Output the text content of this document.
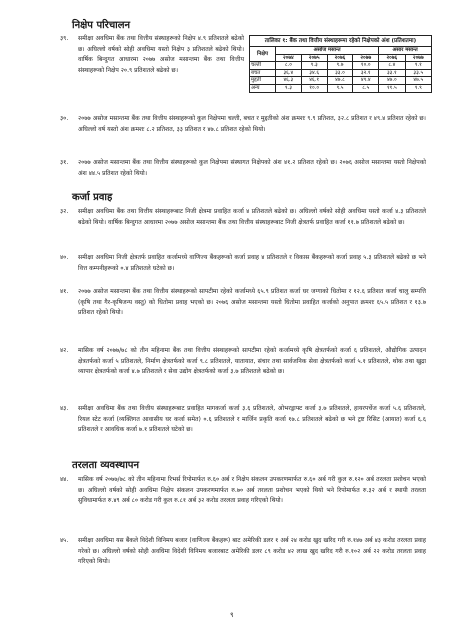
निक्षेप परिचालन
३९. समीक्षा अवधिमा बैंक तथा वित्तीय संस्थाहरूको निक्षेप ४.९ प्रतिशतले बढेको छ। अघिल्लो वर्षको सोही अवधिमा यस्तो निक्षेप ३ प्रतिशतले बढेको थियो। वार्षिक बिन्दुगत आधारमा २०७७ असोज मसान्तमा बैंक तथा वित्तीय संस्थाहरूको निक्षेप २०.९ प्रतिशतले बढेको छ।
तालिका १: बैंक तथा वित्तीय संस्थाहरूमा रहेको निक्षेपको अंश (प्रतिशतमा)
निक्षेप	असोज मसान्त				असार मसान्त	
	२०७४	२०७५	२०७६	२०७७	२०७६	२०७७
चल्ती	८.०	९.३	९.७	१०.०	८.४	९.१
बचत	३६.४	३४.६	३३.०	३२.१	३३.१	३३.५
मुद्दती	४६.३	४६.१	४७.८	४९.४	४७.०	४७.५
अन्य	९.३	१०.०	९.५	८.५	११.५	९.९
३०. २०७७ असोज मसान्तमा बैंक तथा वित्तीय संस्थाहरूको कुल निक्षेपमा चल्ती, बचत र मुद्दतीको अंश क्रमशः ९.९ प्रतिशत, ३२.८ प्रतिशत र ४९.४ प्रतिशत रहेको छ। अघिल्लो वर्ष यस्तो अंश क्रमशः ८.२ प्रतिशत, ३३ प्रतिशत र ४७.८ प्रतिशत रहेको थियो।
३१. २०७७ असोज मसान्तमा बैंक तथा वित्तीय संस्थाहरूको कुल निक्षेपमा संस्थागत निक्षेपको अंश ४१.२ प्रतिशत रहेको छ। २०७६ असोज मसान्तमा यस्तो निक्षेपको अंश ४४.५ प्रतिशत रहेको थियो।
कर्जा प्रवाह
३२. समीक्षा अवधिमा बैंक तथा वित्तीय संस्थाहरूबाट निजी क्षेत्रमा प्रवाहित कर्जा ४ प्रतिशतले बढेको छ। अघिल्लो वर्षको सोही अवधिमा यस्तो कर्जा ४.३ प्रतिशतले बढेको थियो। वार्षिक बिन्दुगत आधारमा २०७७ असोज मसान्तमा बैंक तथा वित्तीय संस्थाहरूबाट निजी क्षेत्रतर्फ प्रवाहित कर्जा ११.७ प्रतिशतले बढेको छ।
४०. समीक्षा अवधिमा निजी क्षेत्रतर्फ प्रवाहित कर्जामध्ये वाणिज्य बैंकहरूको कर्जा प्रवाह ४ प्रतिशतले र विकास बैंकहरूको कर्जा प्रवाह ५.३ प्रतिशतले बढेको छ भने वित्त कम्पनीहरूको ०.४ प्रतिशतले घटेको छ।
४१. २०७७ असोज मसान्तमा बैंक तथा वित्तीय संस्थाहरूको सापटीमा रहेको कर्जामध्ये ६५.९ प्रतिशत कर्जा घर जग्गाको धितोमा र १२.६ प्रतिशत कर्जा चालु सम्पत्ति (कृषि तथा गैर-कृषिजन्य वस्तु) को धितोमा प्रवाह भएको छ। २०७६ असोज मसान्तमा यस्तो धितोमा प्रवाहित कर्जाको अनुपात क्रमशः ६५.५ प्रतिशत र १३.७ प्रतिशत रहेको थियो।
४२. मासिक वर्ष २०७७/७८ को तीन महिनामा बैंक तथा वित्तीय संस्थाहरूको सापटीमा रहेको कर्जामध्ये कृषि क्षेत्रतर्फको कर्जा ६ प्रतिशतले, औद्योगिक उत्पादन क्षेत्रतर्फको कर्जा ५ प्रतिशतले, निर्माण क्षेत्रतर्फको कर्जा ९.८ प्रतिशतले, यातायात, संचार तथा सार्वजनिक सेवा क्षेत्रतर्फको कर्जा ५.१ प्रतिशतले, थोक तथा खुद्रा व्यापार क्षेत्रतर्फको कर्जा ४.७ प्रतिशतले र सेवा उद्योग क्षेत्रतर्फको कर्जा ३.७ प्रतिशतले बढेको छ।
४३. समीक्षा अवधिमा बैंक तथा वित्तीय संस्थाहरूबाट प्रवाहित मागकर्जा कर्जा ३.६ प्रतिशतले, ओभरड्राफ्ट कर्जा ३.७ प्रतिशतले, हायरपर्चेज कर्जा ५.६ प्रतिशतले, रियल स्टेट कर्जा (व्यक्तिगत आवासीय घर कर्जा समेत) ०.६ प्रतिशतले र मार्जिन प्रकृति कर्जा १७.८ प्रतिशतले बढेको छ भने ट्रष्ट रिसिट (आयात) कर्जा ६.६ प्रतिशतले र आवधिक कर्जा ७.१ प्रतिशतले घटेको छ।
तरलता व्यवस्थापन
४४. मासिक वर्ष २०७७/७८ को तीन महिनामा रिभर्स रिपोमार्फत रु.६० अर्ब र निक्षेप संकलन उपकरणमार्फत रु.६० अर्ब गरी कुल रु.१२० अर्ब तरलता प्रशोचन भएको छ। अघिल्लो वर्षको सोही अवधिमा निक्षेप संकलन उपकरणमार्फत रु.७० अर्ब तरलता प्रशोचन भएको थियो भने रिपोमार्फत रु.३२ अर्ब र स्थायी तरलता सुविधामार्फत रु.४९ अर्ब ८० करोड गरी कुल रु.८१ अर्ब ३२ करोड तरलता प्रवाह गरिएको थियो।
४५. समीक्षा अवधिमा यस बैंकले विदेशी विनिमय बजार (वाणिज्य बैंकहरू) बाट अमेरिकी डलर १ अर्ब २४ करोड खुद खरिद गरी रु.१४७ अर्ब ४३ करोड तरलता प्रवाह गरेको छ। अघिल्लो वर्षको सोही अवधिमा विदेशी विनिमय बजारबाट अमेरिकी डलर ८९ करोड ४२ लाख खुद खरिद गरी रु.१०२ अर्ब २२ करोड तरलता प्रवाह गरिएको थियो।
९
